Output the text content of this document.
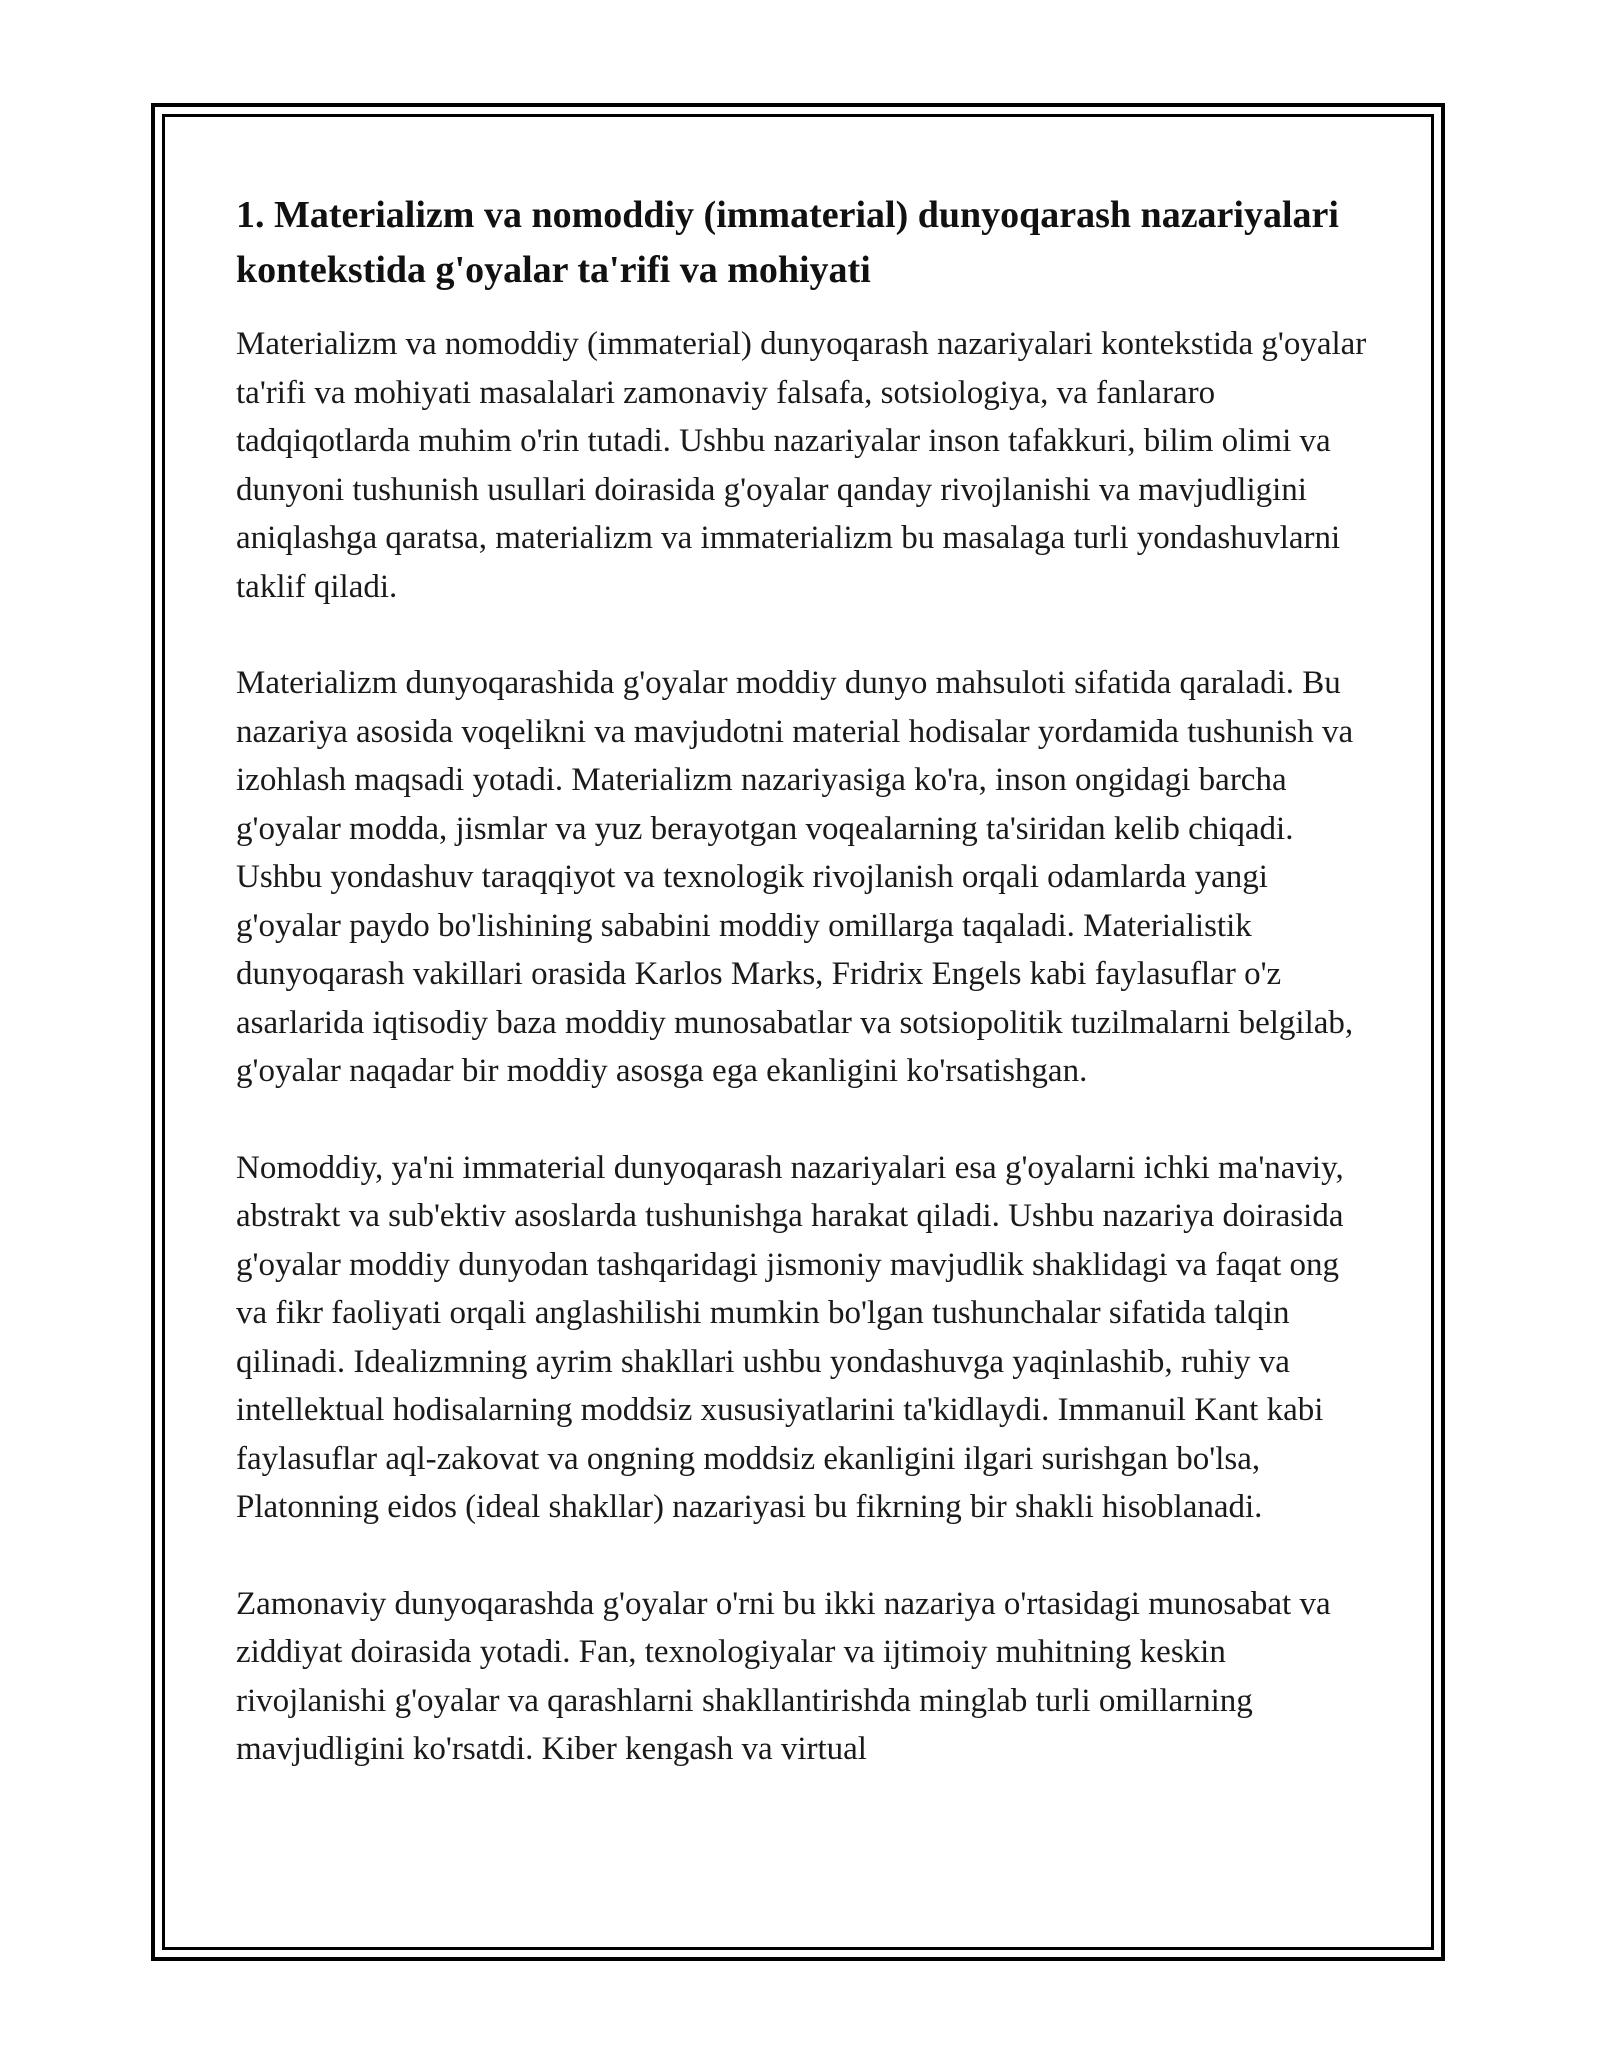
1. Materializm va nomoddiy (immaterial) dunyoqarash nazariyalari kontekstida g'oyalar ta'rifi va mohiyati

Materializm va nomoddiy (immaterial) dunyoqarash nazariyalari kontekstida g'oyalar ta'rifi va mohiyati masalalari zamonaviy falsafa, sotsiologiya, va fanlararo tadqiqotlarda muhim o'rin tutadi. Ushbu nazariyalar inson tafakkuri, bilim olimi va dunyoni tushunish usullari doirasida g'oyalar qanday rivojlanishi va mavjudligini aniqlashga qaratsa, materializm va immaterializm bu masalaga turli yondashuvlarni taklif qiladi.

Materializm dunyoqarashida g'oyalar moddiy dunyo mahsuloti sifatida qaraladi. Bu nazariya asosida voqelikni va mavjudotni material hodisalar yordamida tushunish va izohlash maqsadi yotadi. Materializm nazariyasiga ko'ra, inson ongidagi barcha g'oyalar modda, jismlar va yuz berayotgan voqealarning ta'siridan kelib chiqadi. Ushbu yondashuv taraqqiyot va texnologik rivojlanish orqali odamlarda yangi g'oyalar paydo bo'lishining sababini moddiy omillarga taqaladi. Materialistik dunyoqarash vakillari orasida Karlos Marks, Fridrix Engels kabi faylasuflar o'z asarlarida iqtisodiy baza moddiy munosabatlar va sotsiopolitik tuzilmalarni belgilab, g'oyalar naqadar bir moddiy asosga ega ekanligini ko'rsatishgan.

Nomoddiy, ya'ni immaterial dunyoqarash nazariyalari esa g'oyalarni ichki ma'naviy, abstrakt va sub'ektiv asoslarda tushunishga harakat qiladi. Ushbu nazariya doirasida g'oyalar moddiy dunyodan tashqaridagi jismoniy mavjudlik shaklidagi va faqat ong va fikr faoliyati orqali anglashilishi mumkin bo'lgan tushunchalar sifatida talqin qilinadi. Idealizmning ayrim shakllari ushbu yondashuvga yaqinlashib, ruhiy va intellektual hodisalarning moddsiz xususiyatlarini ta'kidlaydi. Immanuil Kant kabi faylasuflar aql-zakovat va ongning moddsiz ekanligini ilgari surishgan bo'lsa, Platonning eidos (ideal shakllar) nazariyasi bu fikrning bir shakli hisoblanadi.

Zamonaviy dunyoqarashda g'oyalar o'rni bu ikki nazariya o'rtasidagi munosabat va ziddiyat doirasida yotadi. Fan, texnologiyalar va ijtimoiy muhitning keskin rivojlanishi g'oyalar va qarashlarni shakllantirishda minglab turli omillarning mavjudligini ko'rsatdi. Kiber kengash va virtual
